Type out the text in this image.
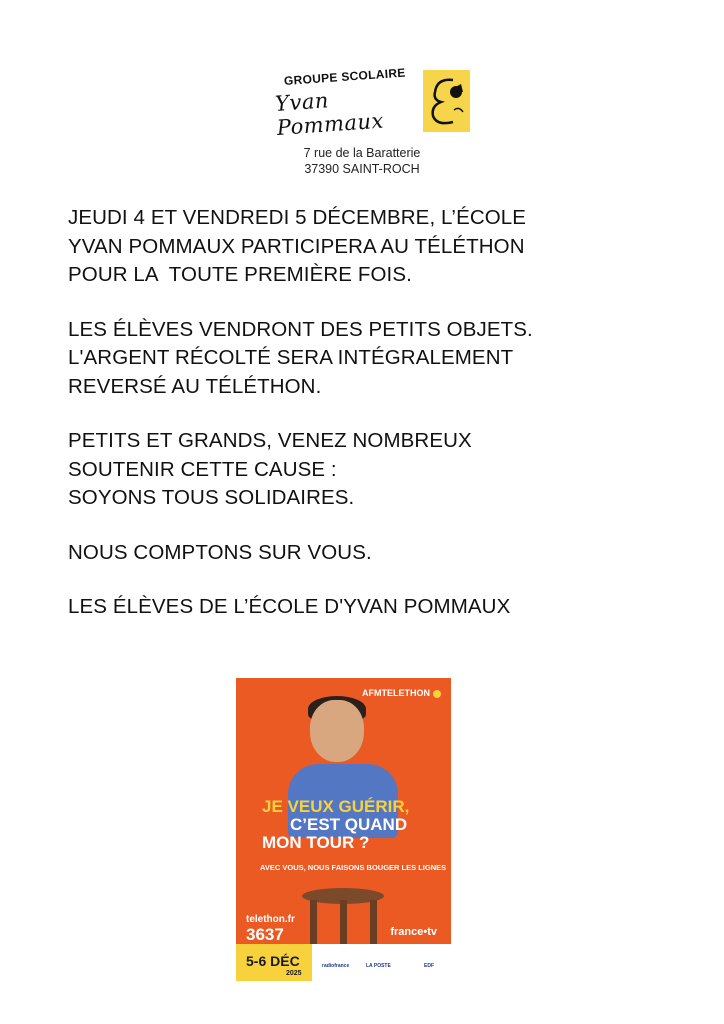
GROUPE SCOLAIRE
Yvan Pommaux
7 rue de la Baratterie
37390 SAINT-ROCH
JEUDI 4 ET VENDREDI 5 DÉCEMBRE, L’ÉCOLE
YVAN POMMAUX PARTICIPERA AU TÉLÉTHON
POUR LA  TOUTE PREMIÈRE FOIS.
LES ÉLÈVES VENDRONT DES PETITS OBJETS.
L'ARGENT RÉCOLTÉ SERA INTÉGRALEMENT
REVERSÉ AU TÉLÉTHON.
PETITS ET GRANDS, VENEZ NOMBREUX
SOUTENIR CETTE CAUSE :
SOYONS TOUS SOLIDAIRES.
NOUS COMPTONS SUR VOUS.
LES ÉLÈVES DE L’ÉCOLE D'YVAN POMMAUX
AFMTELETHON
JE VEUX GUÉRIR,
C’EST QUAND
MON TOUR ?
AVEC VOUS, NOUS FAISONS BOUGER LES LIGNES
telethon.fr
3637	france•tv
5-6 DÉC
2025
radiofrance	LA POSTE	EDF
